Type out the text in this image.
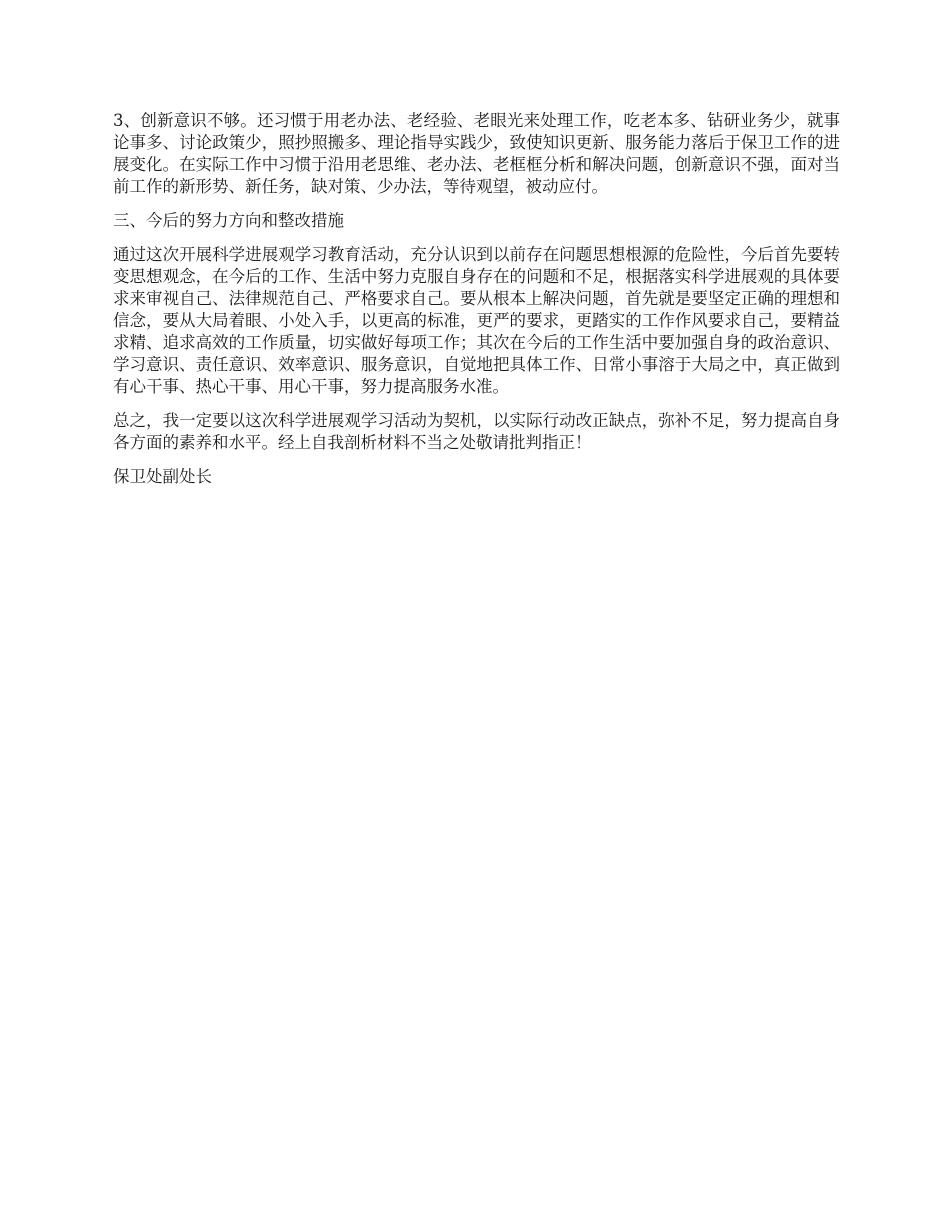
3、创新意识不够。还习惯于用老办法、老经验、老眼光来处理工作，吃老本多、钻研业务少，就事论事多、讨论政策少，照抄照搬多、理论指导实践少，致使知识更新、服务能力落后于保卫工作的进展变化。在实际工作中习惯于沿用老思维、老办法、老框框分析和解决问题，创新意识不强，面对当前工作的新形势、新任务，缺对策、少办法，等待观望，被动应付。

三、今后的努力方向和整改措施

通过这次开展科学进展观学习教育活动，充分认识到以前存在问题思想根源的危险性，今后首先要转变思想观念，在今后的工作、生活中努力克服自身存在的问题和不足，根据落实科学进展观的具体要求来审视自己、法律规范自己、严格要求自己。要从根本上解决问题，首先就是要坚定正确的理想和信念，要从大局着眼、小处入手，以更高的标准，更严的要求，更踏实的工作作风要求自己，要精益求精、追求高效的工作质量，切实做好每项工作；其次在今后的工作生活中要加强自身的政治意识、学习意识、责任意识、效率意识、服务意识，自觉地把具体工作、日常小事溶于大局之中，真正做到有心干事、热心干事、用心干事，努力提高服务水准。

总之，我一定要以这次科学进展观学习活动为契机，以实际行动改正缺点，弥补不足，努力提高自身各方面的素养和水平。经上自我剖析材料不当之处敬请批判指正！

保卫处副处长
